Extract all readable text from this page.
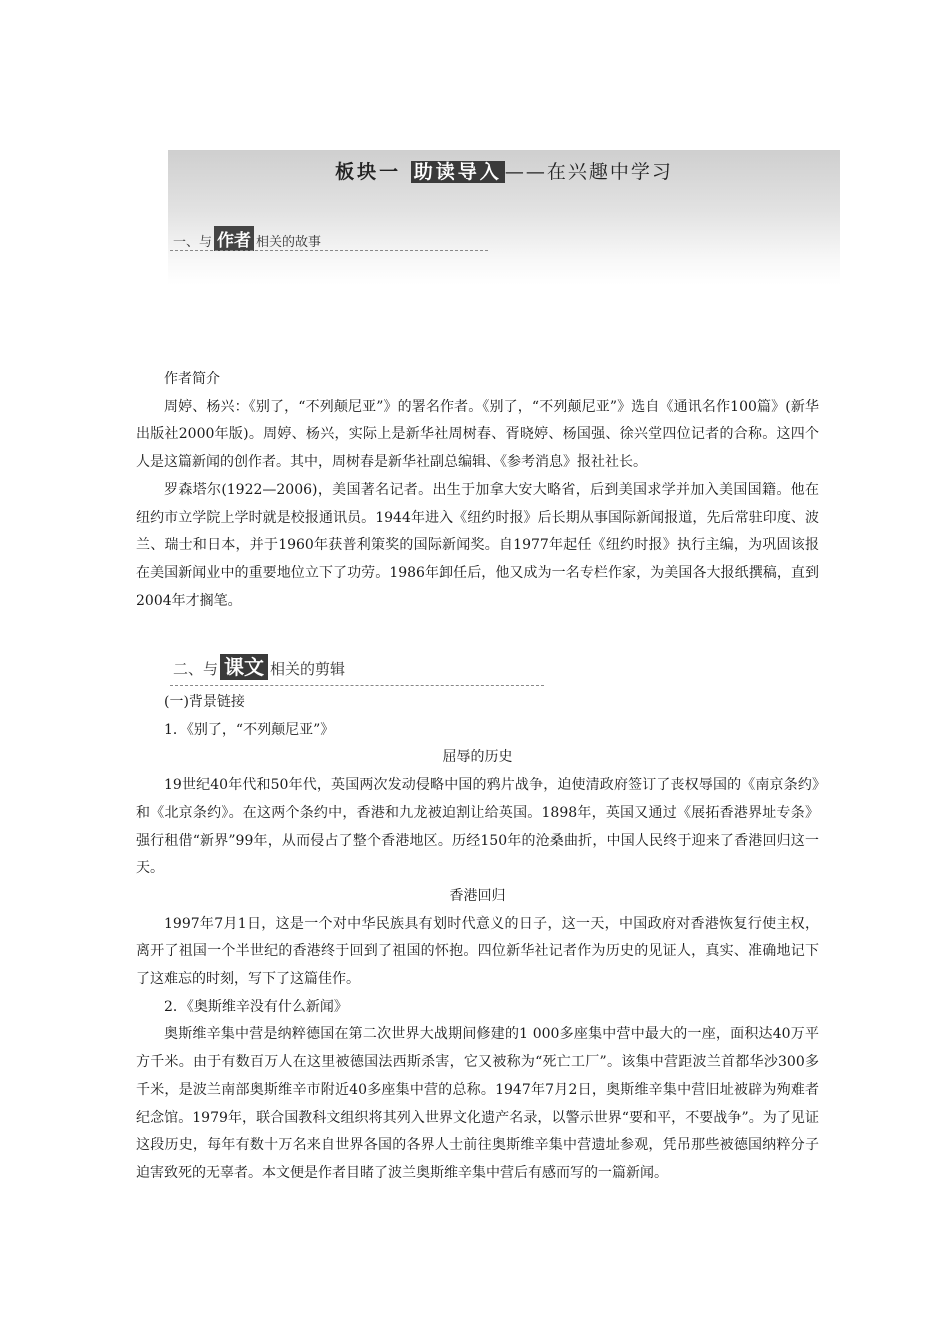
板块一 助读导入 ——在兴趣中学习
一、与 作者 相关的故事

作者简介

周婷、杨兴：《别了，“不列颠尼亚”》的署名作者。《别了，“不列颠尼亚”》选自《通讯名作100篇》(新华出版社2000年版)。周婷、杨兴，实际上是新华社周树春、胥晓婷、杨国强、徐兴堂四位记者的合称。这四个人是这篇新闻的创作者。其中，周树春是新华社副总编辑、《参考消息》报社社长。

罗森塔尔(1922—2006)，美国著名记者。出生于加拿大安大略省，后到美国求学并加入美国国籍。他在纽约市立学院上学时就是校报通讯员。1944年进入《纽约时报》后长期从事国际新闻报道，先后常驻印度、波兰、瑞士和日本，并于1960年获普利策奖的国际新闻奖。自1977年起任《纽约时报》执行主编，为巩固该报在美国新闻业中的重要地位立下了功劳。1986年卸任后，他又成为一名专栏作家，为美国各大报纸撰稿，直到2004年才搁笔。

二、与 课文 相关的剪辑

(一)背景链接

1．《别了，“不列颠尼亚”》

屈辱的历史

19世纪40年代和50年代，英国两次发动侵略中国的鸦片战争，迫使清政府签订了丧权辱国的《南京条约》和《北京条约》。在这两个条约中，香港和九龙被迫割让给英国。1898年，英国又通过《展拓香港界址专条》强行租借“新界”99年，从而侵占了整个香港地区。历经150年的沧桑曲折，中国人民终于迎来了香港回归这一天。

香港回归

1997年7月1日，这是一个对中华民族具有划时代意义的日子，这一天，中国政府对香港恢复行使主权，离开了祖国一个半世纪的香港终于回到了祖国的怀抱。四位新华社记者作为历史的见证人，真实、准确地记下了这难忘的时刻，写下了这篇佳作。

2．《奥斯维辛没有什么新闻》

奥斯维辛集中营是纳粹德国在第二次世界大战期间修建的1 000多座集中营中最大的一座，面积达40万平方千米。由于有数百万人在这里被德国法西斯杀害，它又被称为“死亡工厂”。该集中营距波兰首都华沙300多千米，是波兰南部奥斯维辛市附近40多座集中营的总称。1947年7月2日，奥斯维辛集中营旧址被辟为殉难者纪念馆。1979年，联合国教科文组织将其列入世界文化遗产名录，以警示世界“要和平，不要战争”。为了见证这段历史，每年有数十万名来自世界各国的各界人士前往奥斯维辛集中营遗址参观，凭吊那些被德国纳粹分子迫害致死的无辜者。本文便是作者目睹了波兰奥斯维辛集中营后有感而写的一篇新闻。
